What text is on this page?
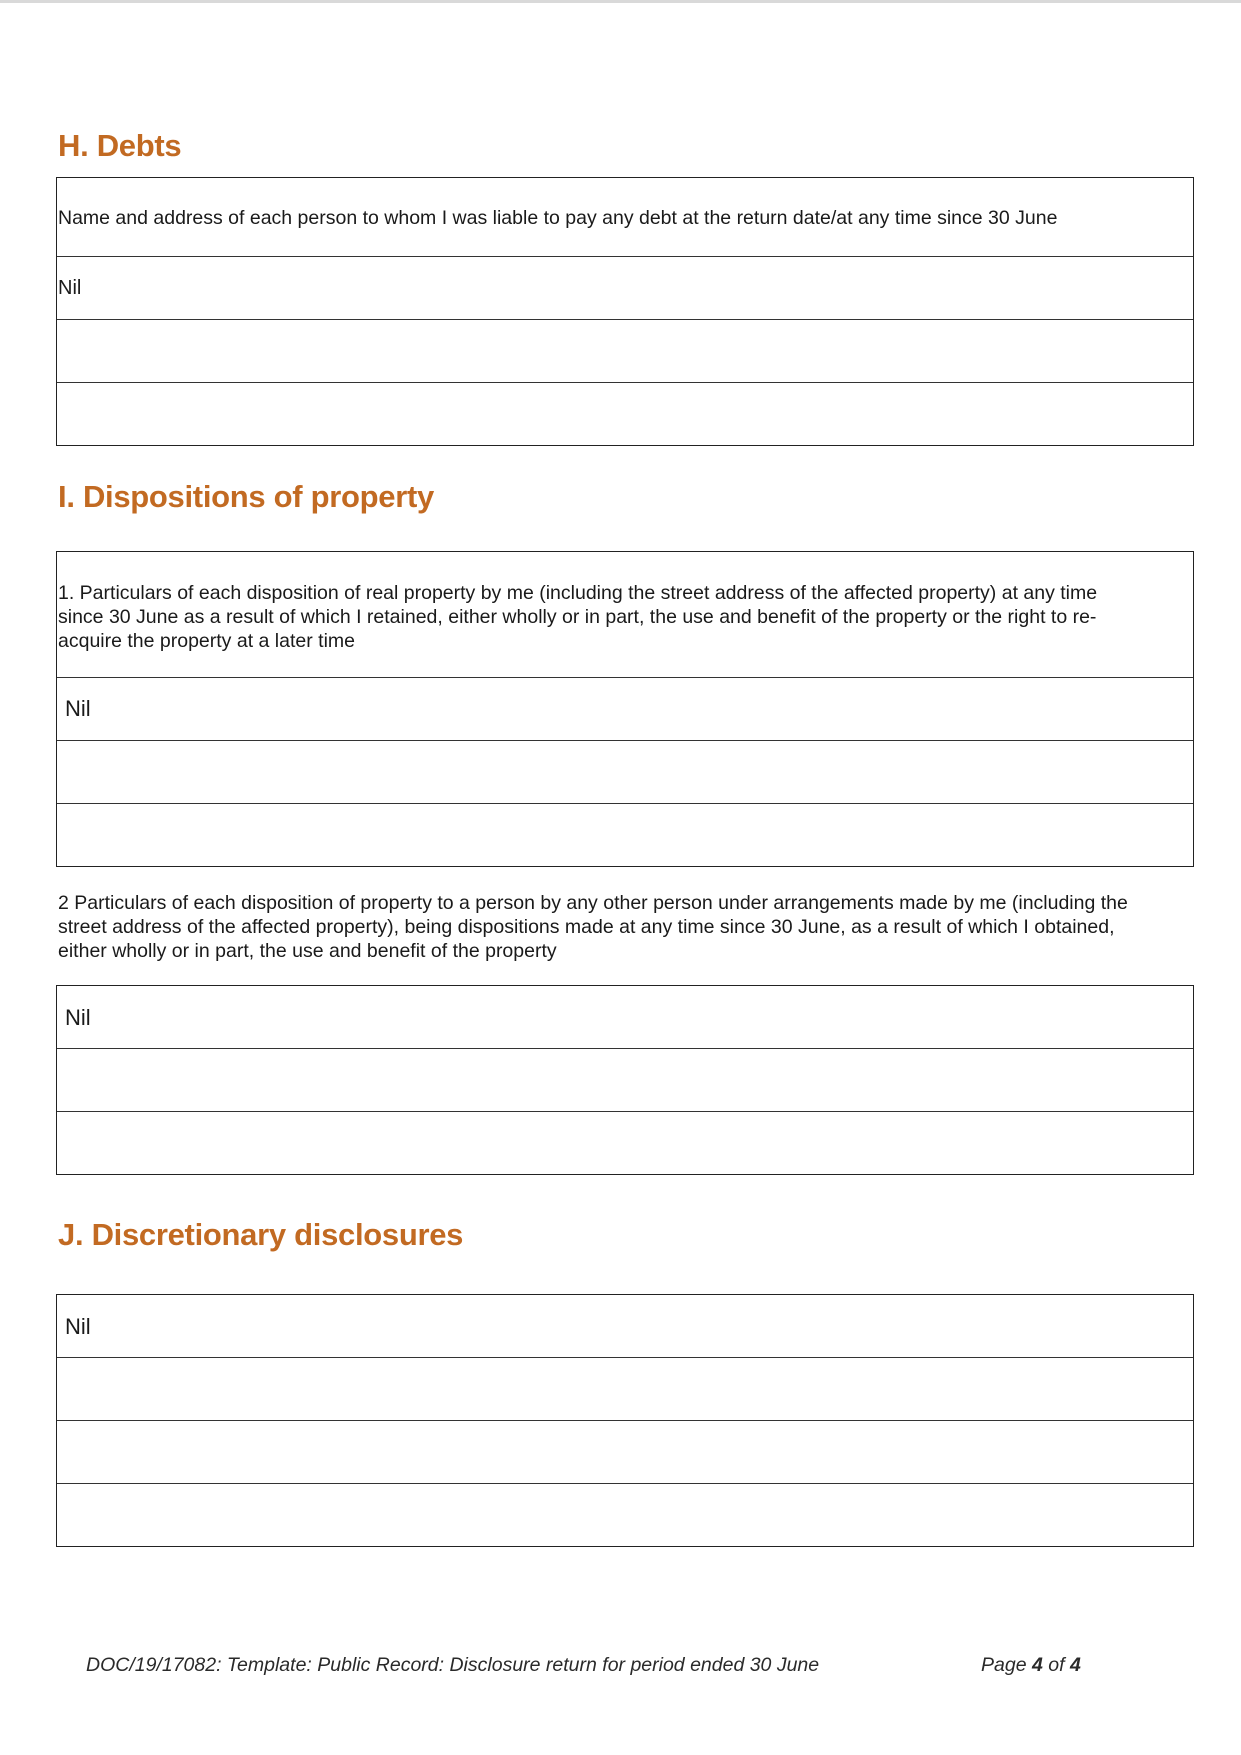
H. Debts
Name and address of each person to whom I was liable to pay any debt at the return date/at any time since 30 June
Nil
I. Dispositions of property
1. Particulars of each disposition of real property by me (including the street address of the affected property) at any time
since 30 June as a result of which I retained, either wholly or in part, the use and benefit of the property or the right to re-
acquire the property at a later time
Nil
2 Particulars of each disposition of property to a person by any other person under arrangements made by me (including the
street address of the affected property), being dispositions made at any time since 30 June, as a result of which I obtained,
either wholly or in part, the use and benefit of the property
Nil
J. Discretionary disclosures
Nil
DOC/19/17082: Template: Public Record: Disclosure return for period ended 30 June	Page 4 of 4
